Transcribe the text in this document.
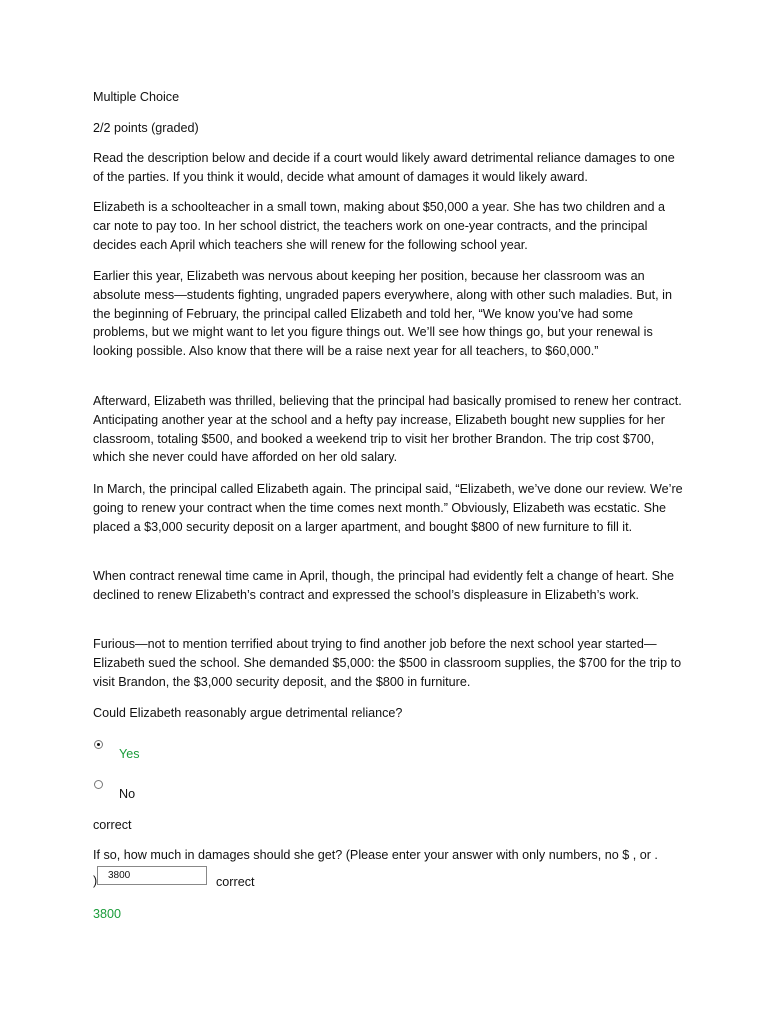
Multiple Choice

2/2 points (graded)

Read the description below and decide if a court would likely award detrimental reliance damages to one of the parties. If you think it would, decide what amount of damages it would likely award.

Elizabeth is a schoolteacher in a small town, making about $50,000 a year. She has two children and a car note to pay too. In her school district, the teachers work on one-year contracts, and the principal decides each April which teachers she will renew for the following school year.

Earlier this year, Elizabeth was nervous about keeping her position, because her classroom was an absolute mess—students fighting, ungraded papers everywhere, along with other such maladies. But, in the beginning of February, the principal called Elizabeth and told her, “We know you’ve had some problems, but we might want to let you figure things out. We’ll see how things go, but your renewal is looking possible. Also know that there will be a raise next year for all teachers, to $60,000.”

Afterward, Elizabeth was thrilled, believing that the principal had basically promised to renew her contract. Anticipating another year at the school and a hefty pay increase, Elizabeth bought new supplies for her classroom, totaling $500, and booked a weekend trip to visit her brother Brandon. The trip cost $700, which she never could have afforded on her old salary.

In March, the principal called Elizabeth again. The principal said, “Elizabeth, we’ve done our review. We’re going to renew your contract when the time comes next month.” Obviously, Elizabeth was ecstatic. She placed a $3,000 security deposit on a larger apartment, and bought $800 of new furniture to fill it.

When contract renewal time came in April, though, the principal had evidently felt a change of heart. She declined to renew Elizabeth’s contract and expressed the school’s displeasure in Elizabeth’s work.

Furious—not to mention terrified about trying to find another job before the next school year started—Elizabeth sued the school. She demanded $5,000: the $500 in classroom supplies, the $700 for the trip to visit Brandon, the $3,000 security deposit, and the $800 in furniture.

Could Elizabeth reasonably argue detrimental reliance?

Yes
No

correct

If so, how much in damages should she get? (Please enter your answer with only numbers, no $ , or .

)
3800	correct

3800
